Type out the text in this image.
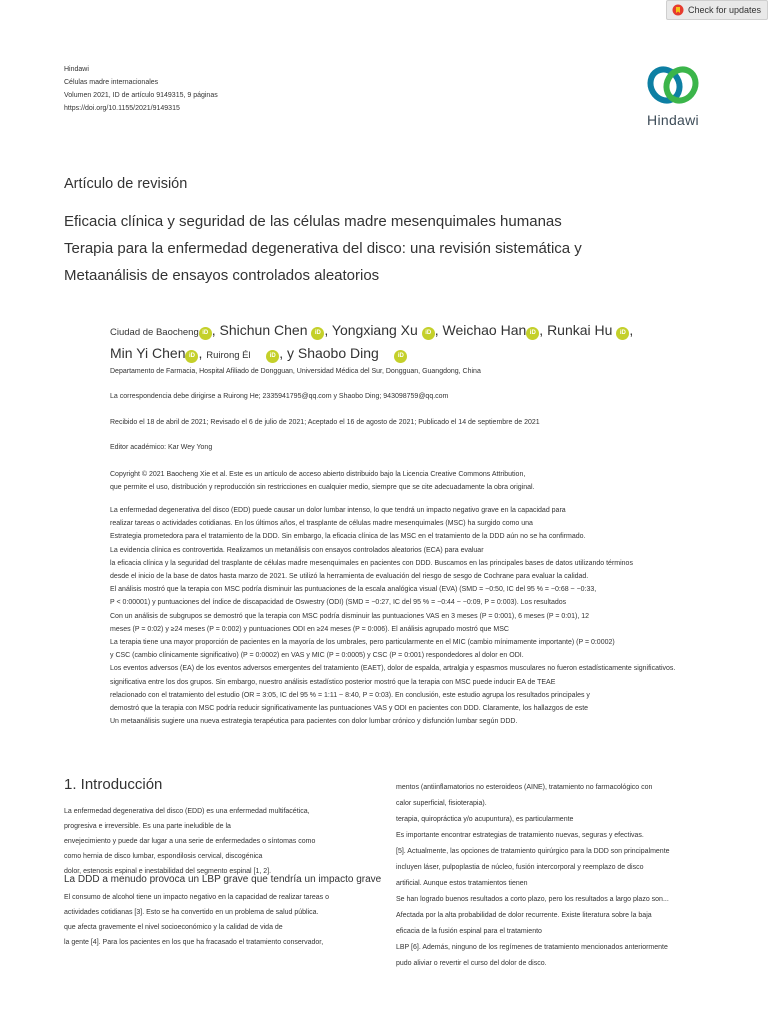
Check for updates
Hindawi
Células madre internacionales
Volumen 2021, ID de artículo 9149315, 9 páginas
https://doi.org/10.1155/2021/9149315
Hindawi
Artículo de revisión
Eficacia clínica y seguridad de las células madre mesenquimales humanas
Terapia para la enfermedad degenerativa del disco: una revisión sistemática y
Metaanálisis de ensayos controlados aleatorios
Ciudad de Baocheng iD , Shichun Chen iD , Yongxiang Xu iD , Weichao Han iD , Runkai Hu iD ,
Min Yi Chen iD , Ruirong Él	iD , y Shaobo Ding	iD
Departamento de Farmacia, Hospital Afiliado de Dongguan, Universidad Médica del Sur, Dongguan, Guangdong, China
La correspondencia debe dirigirse a Ruirong He; 2335941795@qq.com y Shaobo Ding; 943098759@qq.com
Recibido el 18 de abril de 2021; Revisado el 6 de julio de 2021; Aceptado el 16 de agosto de 2021; Publicado el 14 de septiembre de 2021
Editor académico: Kar Wey Yong
Copyright © 2021 Baocheng Xie et al. Este es un artículo de acceso abierto distribuido bajo la Licencia Creative Commons Attribution,
que permite el uso, distribución y reproducción sin restricciones en cualquier medio, siempre que se cite adecuadamente la obra original.
La enfermedad degenerativa del disco (EDD) puede causar un dolor lumbar intenso, lo que tendrá un impacto negativo grave en la capacidad para
realizar tareas o actividades cotidianas. En los últimos años, el trasplante de células madre mesenquimales (MSC) ha surgido como una
Estrategia prometedora para el tratamiento de la DDD. Sin embargo, la eficacia clínica de las MSC en el tratamiento de la DDD aún no se ha confirmado.
La evidencia clínica es controvertida. Realizamos un metanálisis con ensayos controlados aleatorios (ECA) para evaluar
la eficacia clínica y la seguridad del trasplante de células madre mesenquimales en pacientes con DDD. Buscamos en las principales bases de datos utilizando términos
desde el inicio de la base de datos hasta marzo de 2021. Se utilizó la herramienta de evaluación del riesgo de sesgo de Cochrane para evaluar la calidad.
El análisis mostró que la terapia con MSC podría disminuir las puntuaciones de la escala analógica visual (EVA) (SMD = −0:50, IC del 95 % = −0:68 ~ −0:33,
P < 0:00001) y puntuaciones del índice de discapacidad de Oswestry (ODI) (SMD = −0:27, IC del 95 % = −0:44 ~ −0:09, P = 0:003). Los resultados
Con un análisis de subgrupos se demostró que la terapia con MSC podría disminuir las puntuaciones VAS en 3 meses (P = 0:001), 6 meses (P = 0:01), 12
meses (P = 0:02) y ≥24 meses (P = 0:002) y puntuaciones ODI en ≥24 meses (P = 0:006). El análisis agrupado mostró que MSC
La terapia tiene una mayor proporción de pacientes en la mayoría de los umbrales, pero particularmente en el MIC (cambio mínimamente importante) (P = 0:0002)
y CSC (cambio clínicamente significativo) (P = 0:0002) en VAS y MIC (P = 0:0005) y CSC (P = 0:001) respondedores al dolor en ODI.
Los eventos adversos (EA) de los eventos adversos emergentes del tratamiento (EAET), dolor de espalda, artralgia y espasmos musculares no fueron estadísticamente significativos.
significativa entre los dos grupos. Sin embargo, nuestro análisis estadístico posterior mostró que la terapia con MSC puede inducir EA de TEAE
relacionado con el tratamiento del estudio (OR = 3:05, IC del 95 % = 1:11 ~ 8:40, P = 0:03). En conclusión, este estudio agrupa los resultados principales y
demostró que la terapia con MSC podría reducir significativamente las puntuaciones VAS y ODI en pacientes con DDD. Claramente, los hallazgos de este
Un metaanálisis sugiere una nueva estrategia terapéutica para pacientes con dolor lumbar crónico y disfunción lumbar según DDD.
1. Introducción
La enfermedad degenerativa del disco (EDD) es una enfermedad multifacética,
progresiva e irreversible. Es una parte ineludible de la
envejecimiento y puede dar lugar a una serie de enfermedades o síntomas como
como hernia de disco lumbar, espondilosis cervical, discogénica
dolor, estenosis espinal e inestabilidad del segmento espinal [1, 2].
La DDD a menudo provoca un LBP grave que tendría un impacto grave
El consumo de alcohol tiene un impacto negativo en la capacidad de realizar tareas o
actividades cotidianas [3]. Esto se ha convertido en un problema de salud pública.
que afecta gravemente el nivel socioeconómico y la calidad de vida de
la gente [4]. Para los pacientes en los que ha fracasado el tratamiento conservador,
mentos (antiinflamatorios no esteroideos (AINE), tratamiento no farmacológico con
calor superficial, fisioterapia).
terapia, quiropráctica y/o acupuntura), es particularmente
Es importante encontrar estrategias de tratamiento nuevas, seguras y efectivas.
[5]. Actualmente, las opciones de tratamiento quirúrgico para la DDD son principalmente
incluyen láser, pulpoplastia de núcleo, fusión intercorporal y reemplazo de disco
artificial. Aunque estos tratamientos tienen
Se han logrado buenos resultados a corto plazo, pero los resultados a largo plazo son...
Afectada por la alta probabilidad de dolor recurrente. Existe literatura sobre la baja
eficacia de la fusión espinal para el tratamiento
LBP [6]. Además, ninguno de los regímenes de tratamiento mencionados anteriormente
pudo aliviar o revertir el curso del dolor de disco.
